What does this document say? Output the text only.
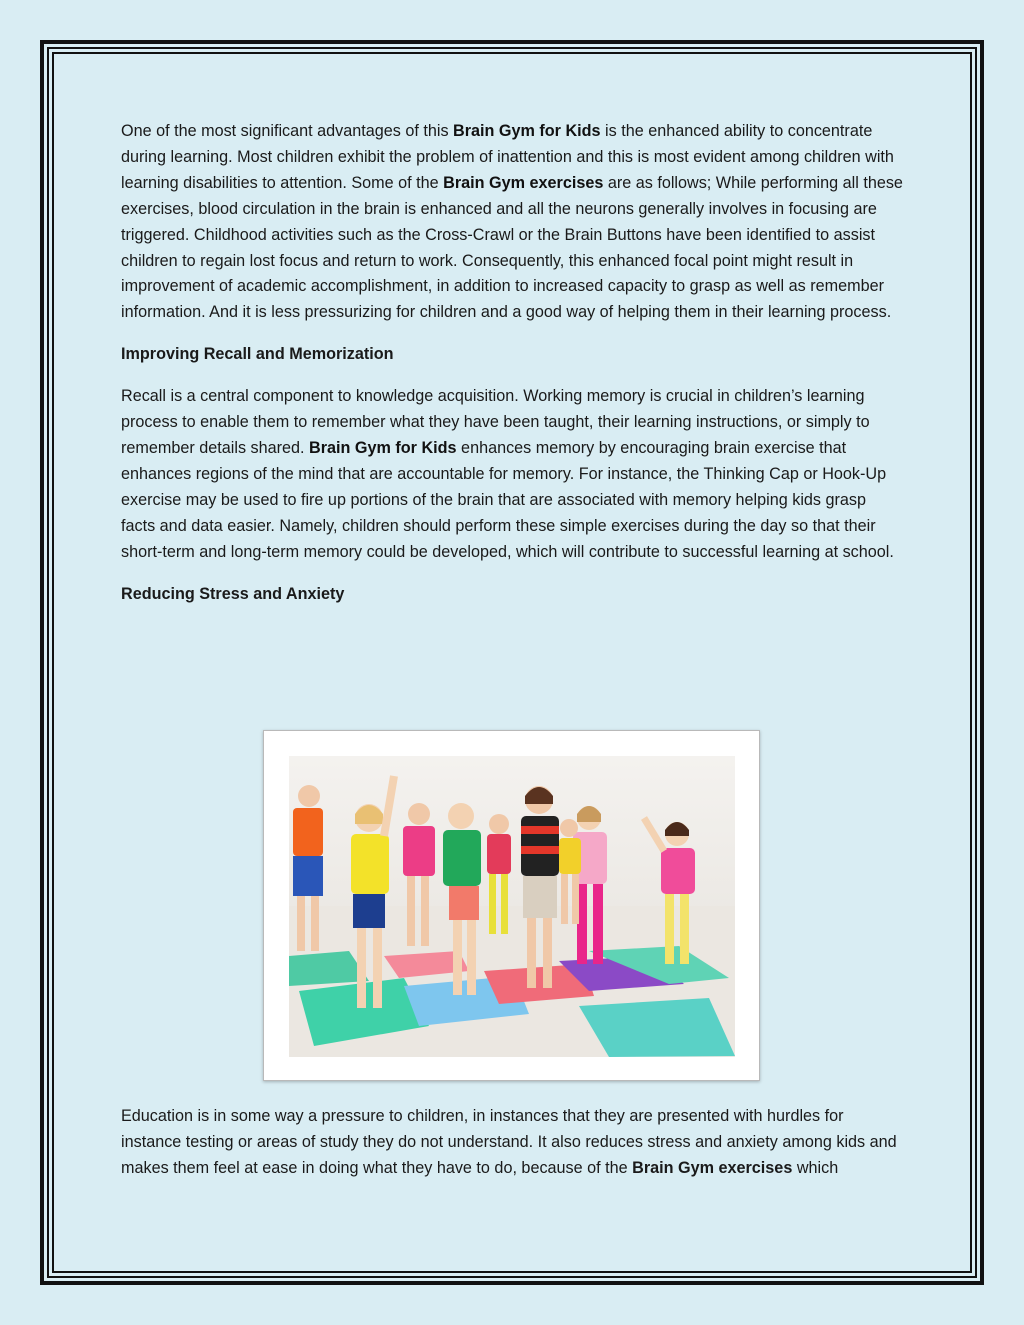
One of the most significant advantages of this Brain Gym for Kids is the enhanced ability to concentrate during learning. Most children exhibit the problem of inattention and this is most evident among children with learning disabilities to attention. Some of the Brain Gym exercises are as follows; While performing all these exercises, blood circulation in the brain is enhanced and all the neurons generally involves in focusing are triggered. Childhood activities such as the Cross-Crawl or the Brain Buttons have been identified to assist children to regain lost focus and return to work. Consequently, this enhanced focal point might result in improvement of academic accomplishment, in addition to increased capacity to grasp as well as remember information. And it is less pressurizing for children and a good way of helping them in their learning process.

Improving Recall and Memorization

Recall is a central component to knowledge acquisition. Working memory is crucial in children’s learning process to enable them to remember what they have been taught, their learning instructions, or simply to remember details shared. Brain Gym for Kids enhances memory by encouraging brain exercise that enhances regions of the mind that are accountable for memory. For instance, the Thinking Cap or Hook-Up exercise may be used to fire up portions of the brain that are associated with memory helping kids grasp facts and data easier. Namely, children should perform these simple exercises during the day so that their short-term and long-term memory could be developed, which will contribute to successful learning at school.

Reducing Stress and Anxiety

Education is in some way a pressure to children, in instances that they are presented with hurdles for instance testing or areas of study they do not understand. It also reduces stress and anxiety among kids and makes them feel at ease in doing what they have to do, because of the Brain Gym exercises which
